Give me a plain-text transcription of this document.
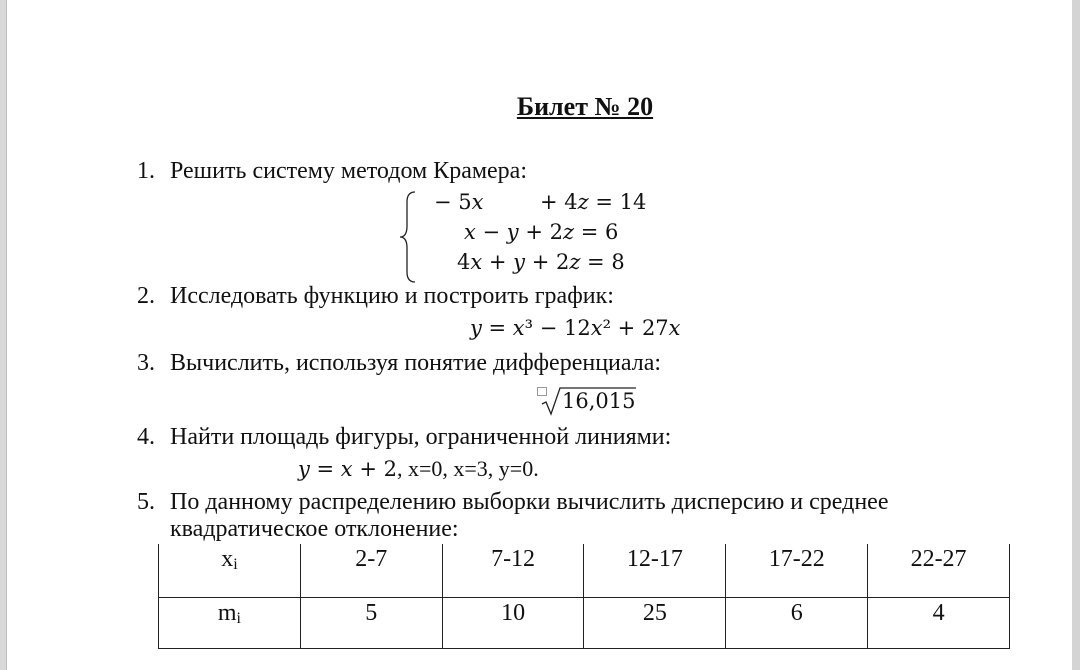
Билет № 20
1. Решить систему методом Крамера:
− 5𝑥	+ 4𝑧 = 14
𝑥 − 𝑦 + 2𝑧 = 6
4𝑥 + 𝑦 + 2𝑧 = 8
2. Исследовать функцию и построить график:
𝑦 = 𝑥³ − 12𝑥² + 27𝑥
3. Вычислить, используя понятие дифференциала:
16,015
4. Найти площадь фигуры, ограниченной линиями:
𝑦 = 𝑥 + 2, x=0, x=3, y=0.
5. По данному распределению выборки вычислить дисперсию и среднее
квадратическое отклонение:
$x_i$	2-7	7-12	12-17	17-22	22-27
$m_i$	5	10	25	6	4
